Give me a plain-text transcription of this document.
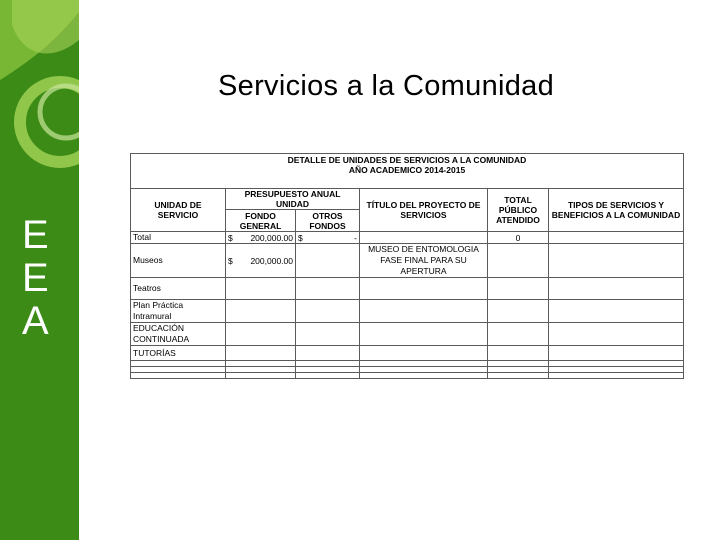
E
E
A
Servicios a la Comunidad
DETALLE DE UNIDADES DE SERVICIOS A LA COMUNIDAD
AÑO ACADEMICO 2014-2015					

UNIDAD DE SERVICIO	PRESUPUESTO ANUAL UNIDAD		TÍTULO DEL PROYECTO DE SERVICIOS	TOTAL PÚBLICO ATENDIDO	TIPOS DE SERVICIOS Y BENEFICIOS A LA COMUNIDAD
	FONDO GENERAL	OTROS FONDOS			
Total	$ 200,000.00	$ -		0	
Museos	$ 200,000.00		MUSEO DE ENTOMOLOGIA FASE FINAL PARA SU APERTURA		
Teatros	

Plan Práctica Intramural	

EDUCACIÓN CONTINUADA	

TUTORÍAS	
